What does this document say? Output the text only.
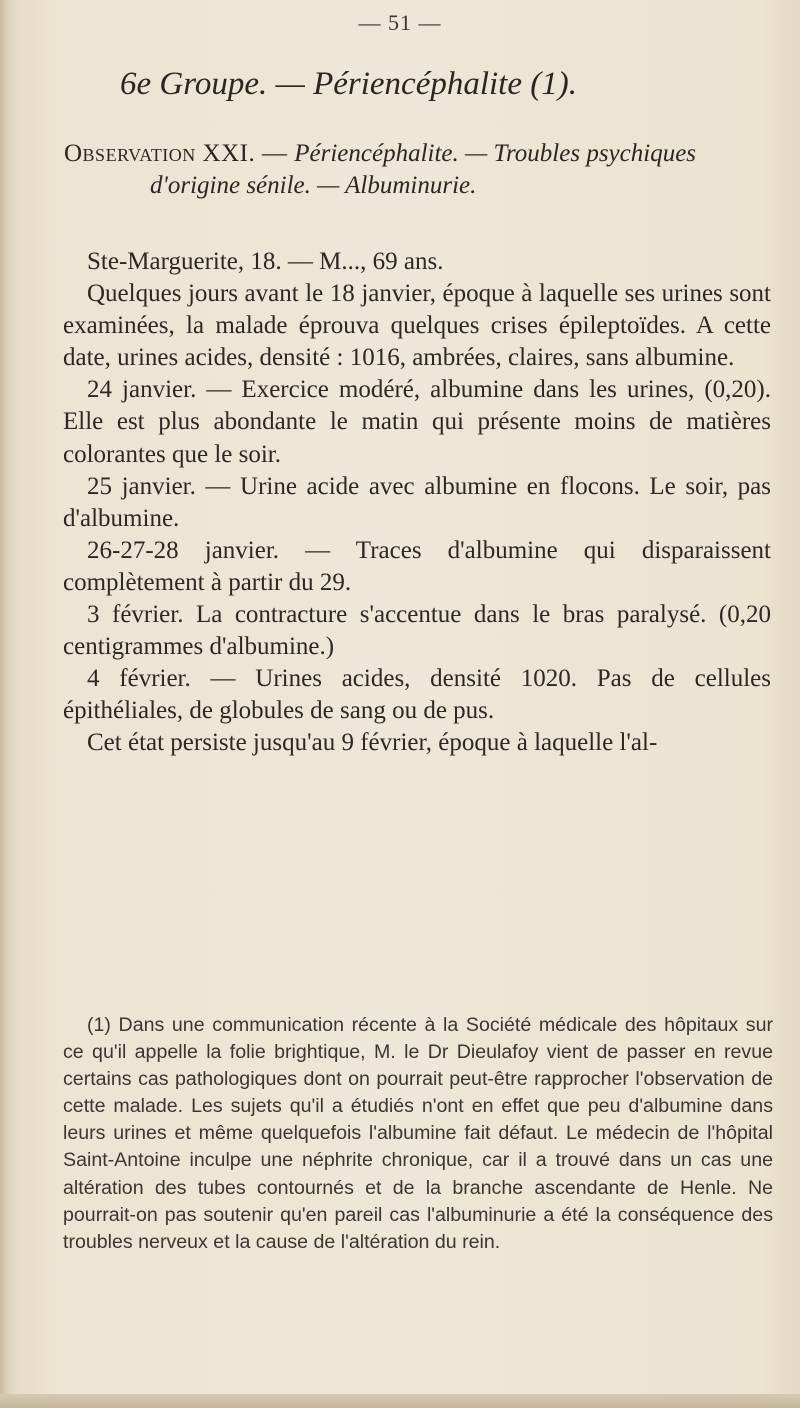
— 51 —
6e Groupe. — Périencéphalite (1).
Observation XXI. — Périencéphalite. — Troubles psychiques
d'origine sénile. — Albuminurie.

Ste-Marguerite, 18. — M..., 69 ans.

Quelques jours avant le 18 janvier, époque à laquelle ses urines sont examinées, la malade éprouva quelques crises épileptoïdes. A cette date, urines acides, densité : 1016, ambrées, claires, sans albumine.

24 janvier. — Exercice modéré, albumine dans les urines, (0,20). Elle est plus abondante le matin qui présente moins de matières colorantes que le soir.

25 janvier. — Urine acide avec albumine en flocons. Le soir, pas d'albumine.

26-27-28 janvier. — Traces d'albumine qui disparaissent complètement à partir du 29.

3 février. La contracture s'accentue dans le bras paralysé. (0,20 centigrammes d'albumine.)

4 février. — Urines acides, densité 1020. Pas de cellules épithéliales, de globules de sang ou de pus.

Cet état persiste jusqu'au 9 février, époque à laquelle l'al-

(1) Dans une communication récente à la Société médicale des hôpitaux sur ce qu'il appelle la folie brightique, M. le Dr Dieulafoy vient de passer en revue certains cas pathologiques dont on pourrait peut-être rapprocher l'observation de cette malade. Les sujets qu'il a étudiés n'ont en effet que peu d'albumine dans leurs urines et même quelquefois l'albumine fait défaut. Le médecin de l'hôpital Saint-Antoine inculpe une néphrite chronique, car il a trouvé dans un cas une altération des tubes contournés et de la branche ascendante de Henle. Ne pourrait-on pas soutenir qu'en pareil cas l'albuminurie a été la conséquence des troubles nerveux et la cause de l'altération du rein.
